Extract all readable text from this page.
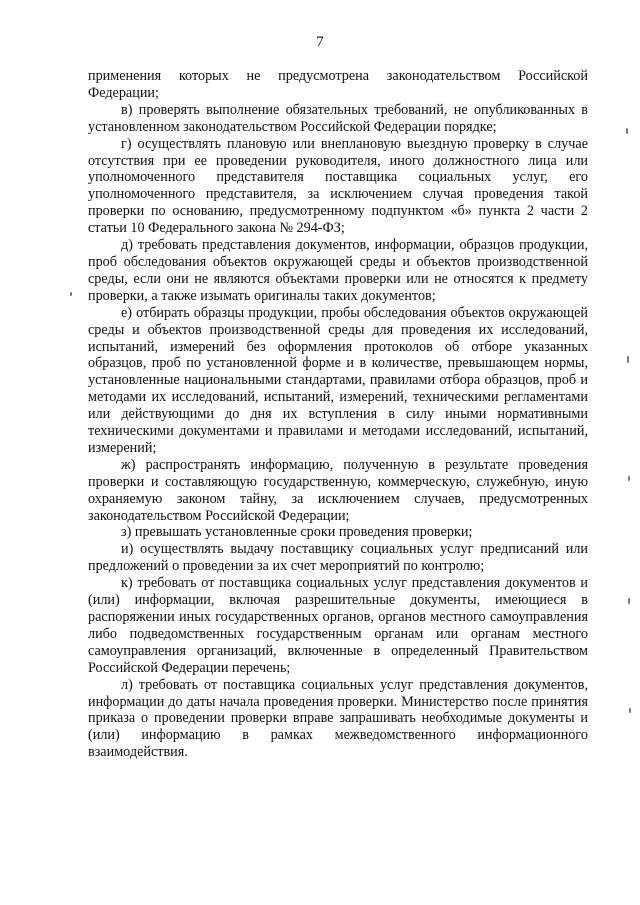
7

применения которых не предусмотрена законодательством Российской Федерации;

в) проверять выполнение обязательных требований, не опубликованных в установленном законодательством Российской Федерации порядке;

г) осуществлять плановую или внеплановую выездную проверку в случае отсутствия при ее проведении руководителя, иного должностного лица или уполномоченного представителя поставщика социальных услуг, его уполномоченного представителя, за исключением случая проведения такой проверки по основанию, предусмотренному подпунктом «б» пункта 2 части 2 статьи 10 Федерального закона № 294-ФЗ;

д) требовать представления документов, информации, образцов продукции, проб обследования объектов окружающей среды и объектов производственной среды, если они не являются объектами проверки или не относятся к предмету проверки, а также изымать оригиналы таких документов;

е) отбирать образцы продукции, пробы обследования объектов окружающей среды и объектов производственной среды для проведения их исследований, испытаний, измерений без оформления протоколов об отборе указанных образцов, проб по установленной форме и в количестве, превышающем нормы, установленные национальными стандартами, правилами отбора образцов, проб и методами их исследований, испытаний, измерений, техническими регламентами или действующими до дня их вступления в силу иными нормативными техническими документами и правилами и методами исследований, испытаний, измерений;

ж) распространять информацию, полученную в результате проведения проверки и составляющую государственную, коммерческую, служебную, иную охраняемую законом тайну, за исключением случаев, предусмотренных законодательством Российской Федерации;

з) превышать установленные сроки проведения проверки;

и) осуществлять выдачу поставщику социальных услуг предписаний или предложений о проведении за их счет мероприятий по контролю;

к) требовать от поставщика социальных услуг представления документов и (или) информации, включая разрешительные документы, имеющиеся в распоряжении иных государственных органов, органов местного самоуправления либо подведомственных государственным органам или органам местного самоуправления организаций, включенные в определенный Правительством Российской Федерации перечень;

л) требовать от поставщика социальных услуг представления документов, информации до даты начала проведения проверки. Министерство после принятия приказа о проведении проверки вправе запрашивать необходимые документы и (или) информацию в рамках межведомственного информационного взаимодействия.
